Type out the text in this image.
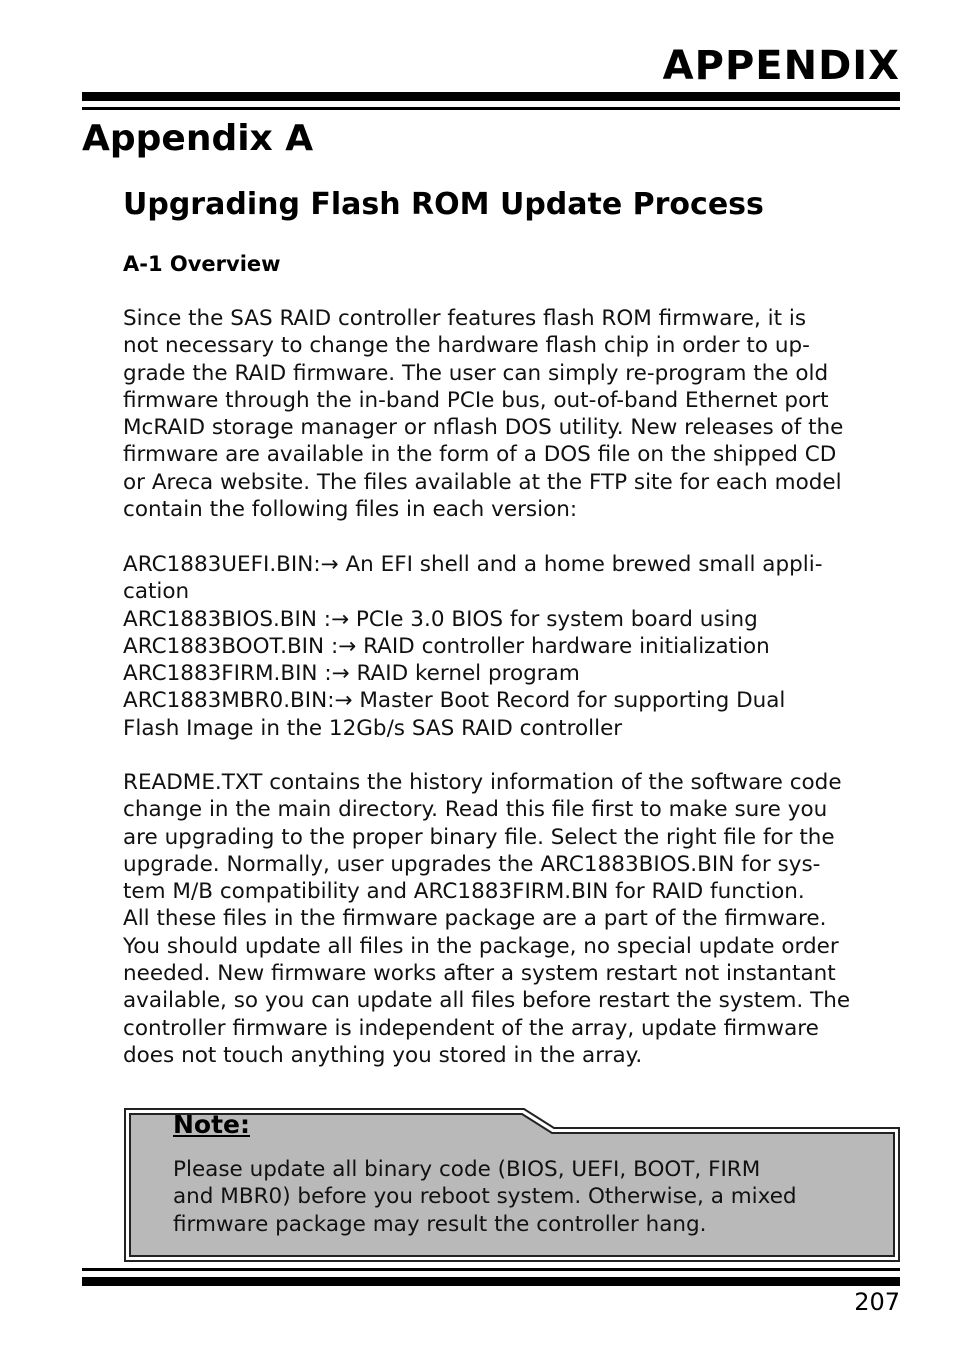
APPENDIX
Appendix A
Upgrading Flash ROM Update Process
A-1 Overview
Since the SAS RAID controller features flash ROM firmware, it is
not necessary to change the hardware flash chip in order to up-
grade the RAID firmware. The user can simply re-program the old
firmware through the in-band PCIe bus, out-of-band Ethernet port
McRAID storage manager or nflash DOS utility. New releases of the
firmware are available in the form of a DOS file on the shipped CD
or Areca website. The files available at the FTP site for each model
contain the following files in each version:
ARC1883UEFI.BIN:→ An EFI shell and a home brewed small appli-
cation
ARC1883BIOS.BIN :→ PCIe 3.0 BIOS for system board using
ARC1883BOOT.BIN :→ RAID controller hardware initialization
ARC1883FIRM.BIN :→ RAID kernel program
ARC1883MBR0.BIN:→ Master Boot Record for supporting Dual
Flash Image in the 12Gb/s SAS RAID controller
README.TXT contains the history information of the software code
change in the main directory. Read this file first to make sure you
are upgrading to the proper binary file. Select the right file for the
upgrade. Normally, user upgrades the ARC1883BIOS.BIN for sys-
tem M/B compatibility and ARC1883FIRM.BIN for RAID function.
All these files in the firmware package are a part of the firmware.
You should update all files in the package, no special update order
needed. New firmware works after a system restart not instantant
available, so you can update all files before restart the system. The
controller firmware is independent of the array, update firmware
does not touch anything you stored in the array.
Note:
Please update all binary code (BIOS, UEFI, BOOT, FIRM
and MBR0) before you reboot system. Otherwise, a mixed
firmware package may result the controller hang.
207
